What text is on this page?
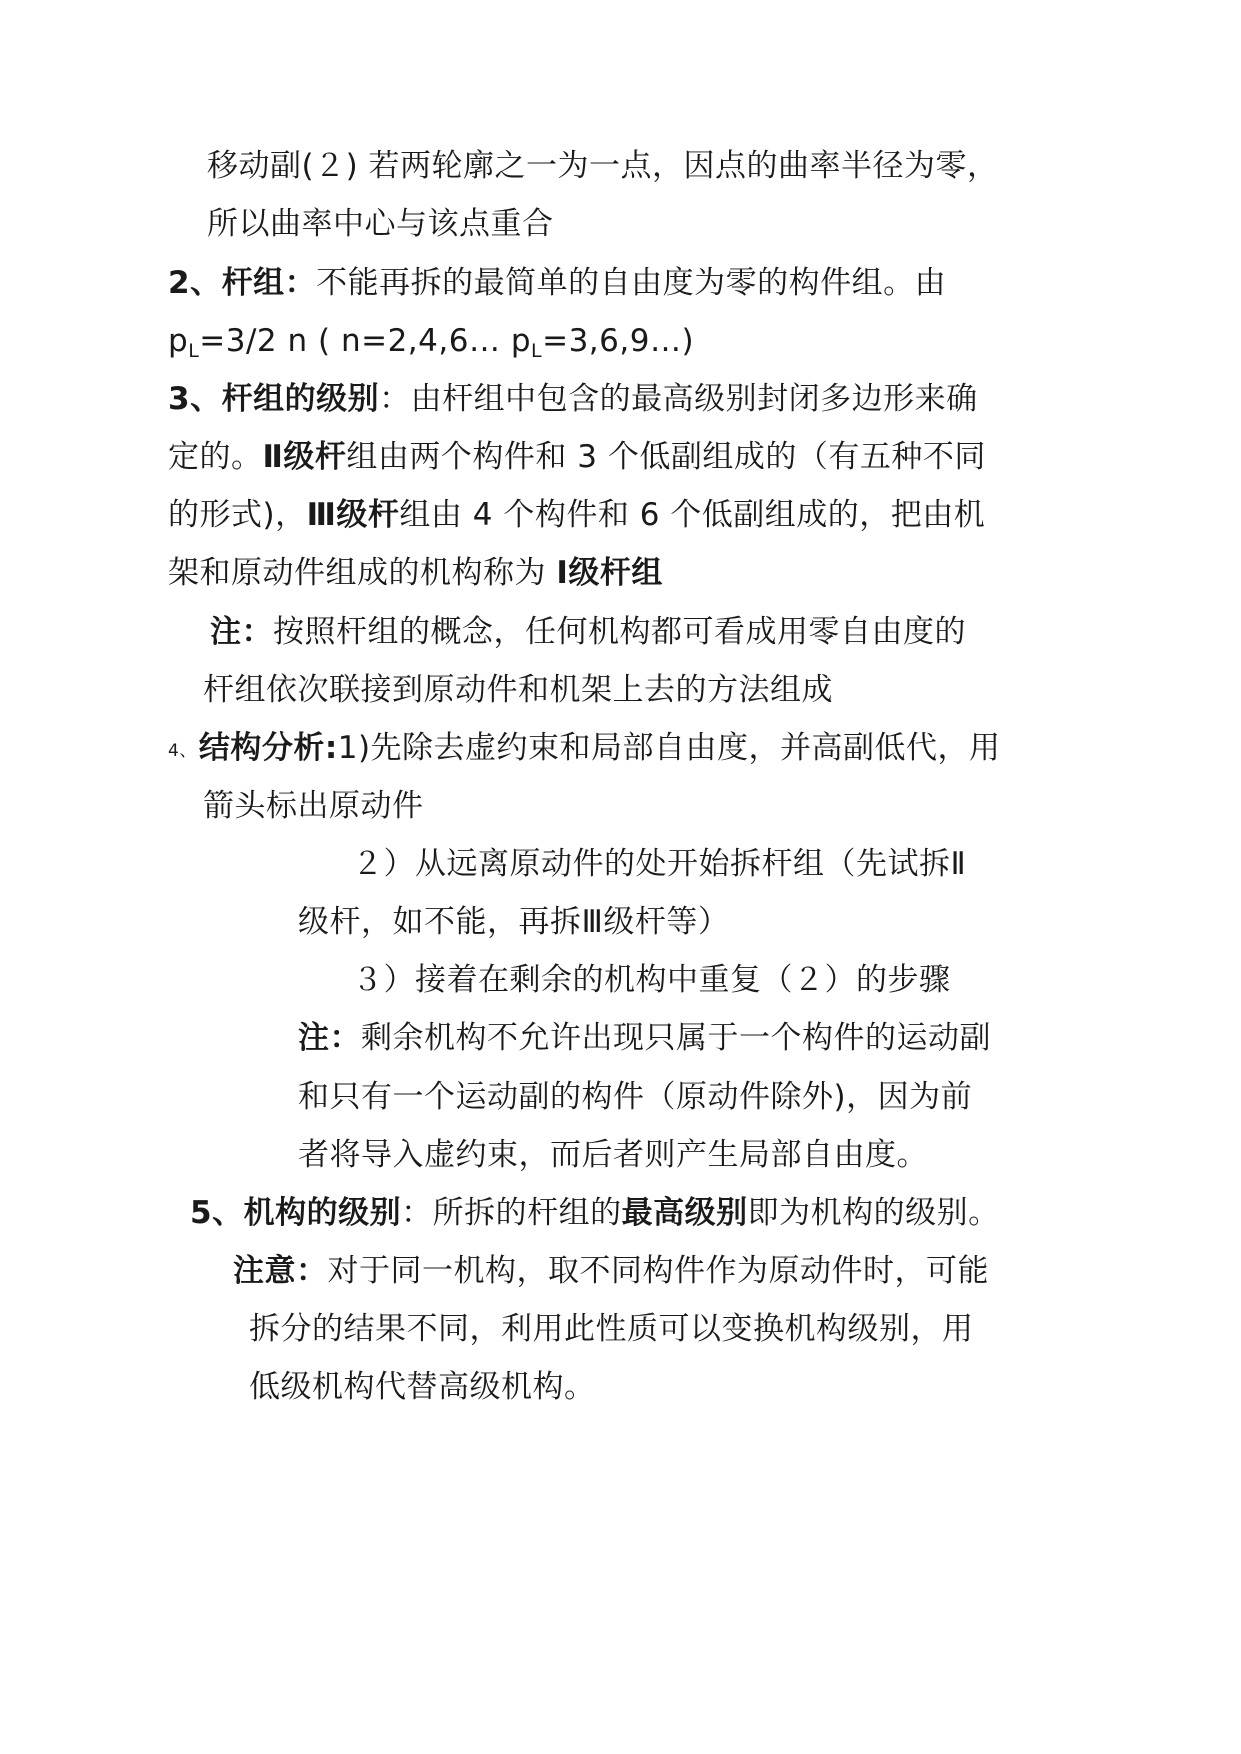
移动副(２) 若两轮廓之一为一点，因点的曲率半径为零，
所以曲率中心与该点重合
2、杆组：不能再拆的最简单的自由度为零的构件组。由
$p_L=3/2$ n ( n=2,4,6… $p_L=3,6,9\dots$)
3、杆组的级别：由杆组中包含的最高级别封闭多边形来确
定的。Ⅱ级杆组由两个构件和 3 个低副组成的（有五种不同
的形式)，Ⅲ级杆组由 4 个构件和 6 个低副组成的，把由机
架和原动件组成的机构称为 Ⅰ级杆组
注：按照杆组的概念，任何机构都可看成用零自由度的
杆组依次联接到原动件和机架上去的方法组成
4、结构分析:1)先除去虚约束和局部自由度，并高副低代，用
箭头标出原动件
２）从远离原动件的处开始拆杆组（先试拆Ⅱ
级杆，如不能，再拆Ⅲ级杆等）
３）接着在剩余的机构中重复（２）的步骤
注：剩余机构不允许出现只属于一个构件的运动副
和只有一个运动副的构件（原动件除外)，因为前
者将导入虚约束，而后者则产生局部自由度。
5、机构的级别：所拆的杆组的最高级别即为机构的级别。
注意：对于同一机构，取不同构件作为原动件时，可能
拆分的结果不同，利用此性质可以变换机构级别，用
低级机构代替高级机构。
